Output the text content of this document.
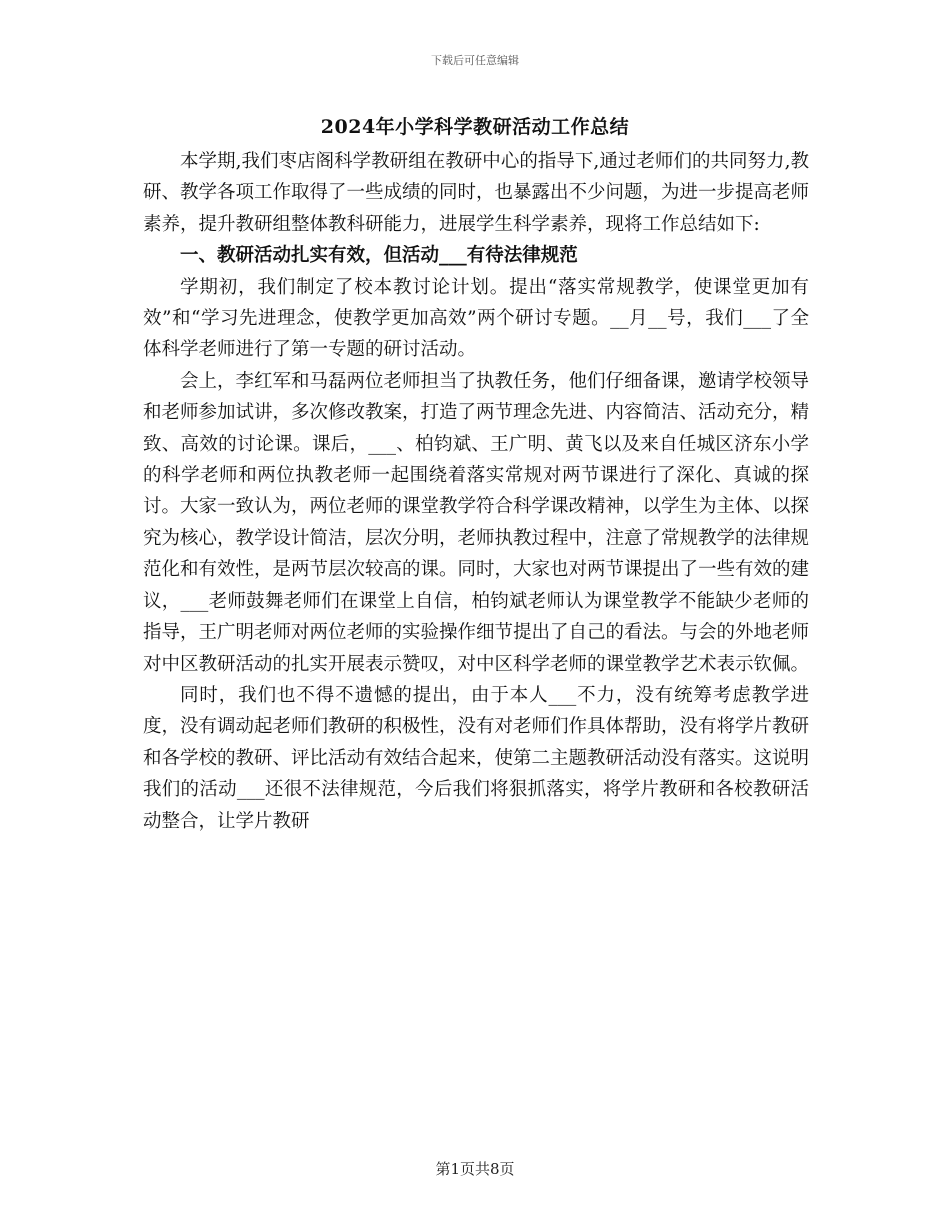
下载后可任意编辑
2024年小学科学教研活动工作总结

本学期,我们枣店阁科学教研组在教研中心的指导下,通过老师们的共同努力,教研、教学各项工作取得了一些成绩的同时，也暴露出不少问题，为进一步提高老师素养，提升教研组整体教科研能力，进展学生科学素养，现将工作总结如下:

一、教研活动扎实有效，但活动___有待法律规范

学期初，我们制定了校本教讨论计划。提出“落实常规教学，使课堂更加有效”和“学习先进理念，使教学更加高效”两个研讨专题。__月__号，我们___了全体科学老师进行了第一专题的研讨活动。

会上，李红军和马磊两位老师担当了执教任务，他们仔细备课，邀请学校领导和老师参加试讲，多次修改教案，打造了两节理念先进、内容简洁、活动充分，精致、高效的讨论课。课后，___、柏钧斌、王广明、黄飞以及来自任城区济东小学的科学老师和两位执教老师一起围绕着落实常规对两节课进行了深化、真诚的探讨。大家一致认为，两位老师的课堂教学符合科学课改精神，以学生为主体、以探究为核心，教学设计简洁，层次分明，老师执教过程中，注意了常规教学的法律规范化和有效性，是两节层次较高的课。同时，大家也对两节课提出了一些有效的建议，___老师鼓舞老师们在课堂上自信，柏钧斌老师认为课堂教学不能缺少老师的指导，王广明老师对两位老师的实验操作细节提出了自己的看法。与会的外地老师对中区教研活动的扎实开展表示赞叹，对中区科学老师的课堂教学艺术表示钦佩。

同时，我们也不得不遗憾的提出，由于本人___不力，没有统筹考虑教学进度，没有调动起老师们教研的积极性，没有对老师们作具体帮助，没有将学片教研和各学校的教研、评比活动有效结合起来，使第二主题教研活动没有落实。这说明我们的活动___还很不法律规范，今后我们将狠抓落实，将学片教研和各校教研活动整合，让学片教研

第1页共8页
